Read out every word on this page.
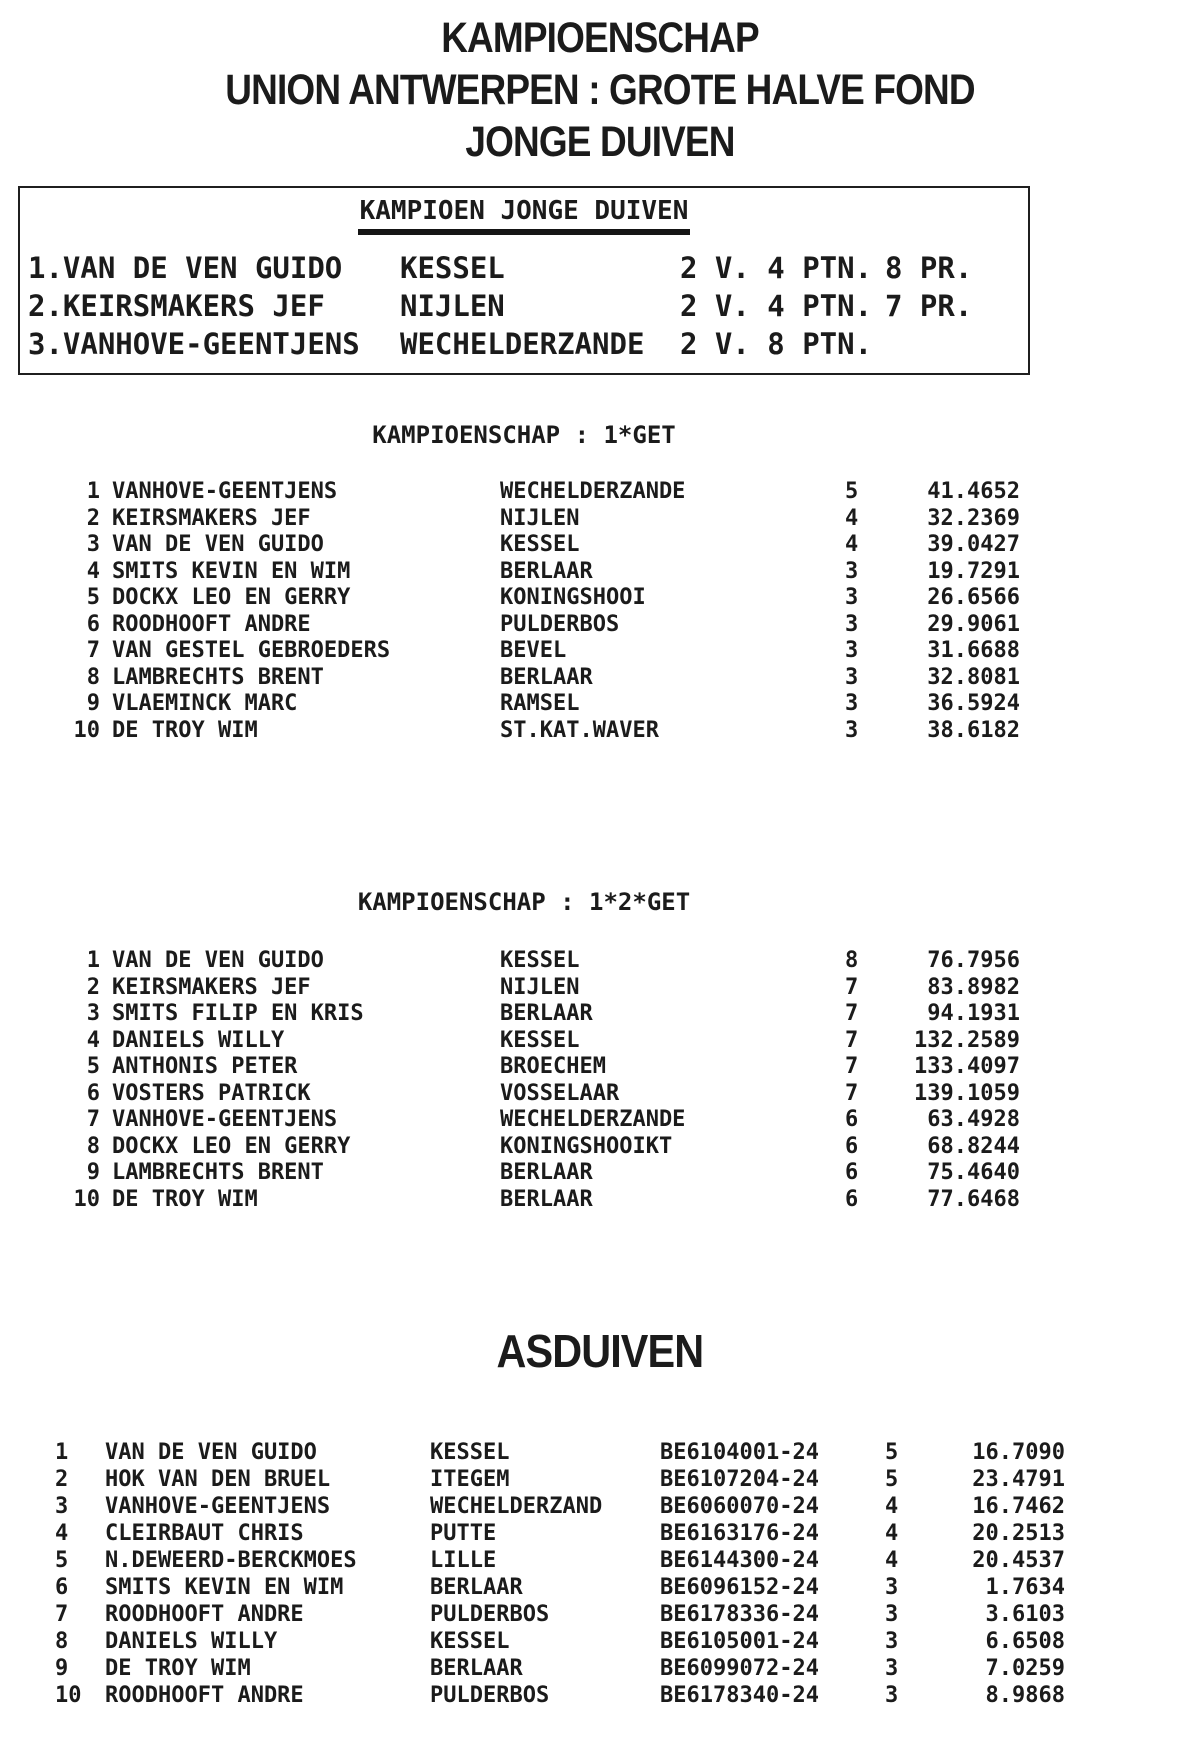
KAMPIOENSCHAP
UNION ANTWERPEN : GROTE HALVE FOND
JONGE DUIVEN
KAMPIOEN JONGE DUIVEN
1.VAN DE VEN GUIDO	KESSEL	2 V. 4 PTN. 8 PR.
2.KEIRSMAKERS JEF	NIJLEN	2 V. 4 PTN. 7 PR.
3.VANHOVE-GEENTJENS	WECHELDERZANDE	2 V. 8 PTN.
KAMPIOENSCHAP : 1*GET
1 VANHOVE-GEENTJENS	WECHELDERZANDE	5	41.4652
2 KEIRSMAKERS JEF	NIJLEN	4	32.2369
3 VAN DE VEN GUIDO	KESSEL	4	39.0427
4 SMITS KEVIN EN WIM	BERLAAR	3	19.7291
5 DOCKX LEO EN GERRY	KONINGSHOOI	3	26.6566
6 ROODHOOFT ANDRE	PULDERBOS	3	29.9061
7 VAN GESTEL GEBROEDERS	BEVEL	3	31.6688
8 LAMBRECHTS BRENT	BERLAAR	3	32.8081
9 VLAEMINCK MARC	RAMSEL	3	36.5924
10 DE TROY WIM	ST.KAT.WAVER	3	38.6182
KAMPIOENSCHAP : 1*2*GET
1 VAN DE VEN GUIDO	KESSEL	8	76.7956
2 KEIRSMAKERS JEF	NIJLEN	7	83.8982
3 SMITS FILIP EN KRIS	BERLAAR	7	94.1931
4 DANIELS WILLY	KESSEL	7	132.2589
5 ANTHONIS PETER	BROECHEM	7	133.4097
6 VOSTERS PATRICK	VOSSELAAR	7	139.1059
7 VANHOVE-GEENTJENS	WECHELDERZANDE	6	63.4928
8 DOCKX LEO EN GERRY	KONINGSHOOIKT	6	68.8244
9 LAMBRECHTS BRENT	BERLAAR	6	75.4640
10 DE TROY WIM	BERLAAR	6	77.6468
ASDUIVEN
1	VAN DE VEN GUIDO	KESSEL	BE6104001-24	5	16.7090
2	HOK VAN DEN BRUEL	ITEGEM	BE6107204-24	5	23.4791
3	VANHOVE-GEENTJENS	WECHELDERZAND	BE6060070-24	4	16.7462
4	CLEIRBAUT CHRIS	PUTTE	BE6163176-24	4	20.2513
5	N.DEWEERD-BERCKMOES	LILLE	BE6144300-24	4	20.4537
6	SMITS KEVIN EN WIM	BERLAAR	BE6096152-24	3	1.7634
7	ROODHOOFT ANDRE	PULDERBOS	BE6178336-24	3	3.6103
8	DANIELS WILLY	KESSEL	BE6105001-24	3	6.6508
9	DE TROY WIM	BERLAAR	BE6099072-24	3	7.0259
10	ROODHOOFT ANDRE	PULDERBOS	BE6178340-24	3	8.9868
